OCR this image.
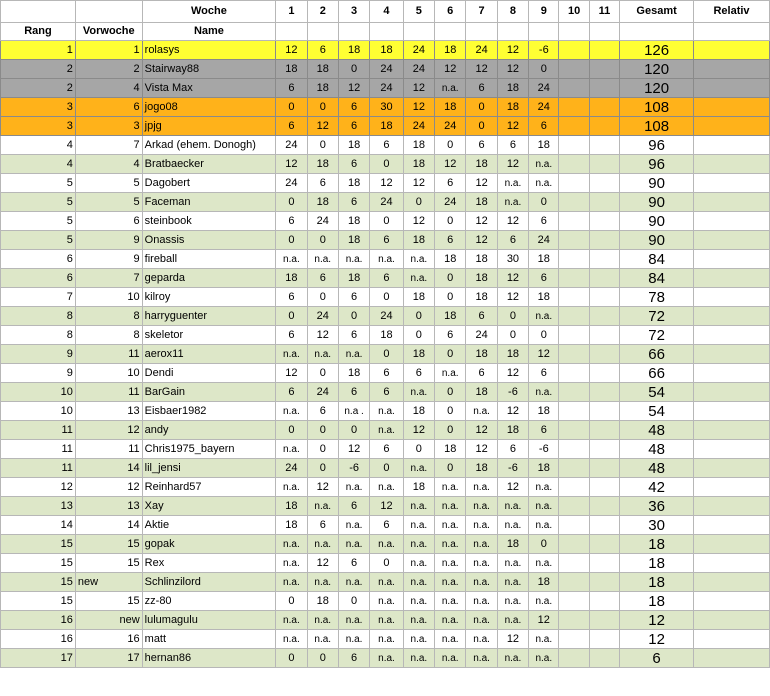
		Woche	1	2	3	4	5	6	7	8	9	10	11	Gesamt	Relativ
Rang	Vorwoche	Name													
1	1	rolasys	12	6	18	18	24	18	24	12	-6			126	
2	2	Stairway88	18	18	0	24	24	12	12	12	0			120	
2	4	Vista Max	6	18	12	24	12	n.a.	6	18	24			120	
3	6	jogo08	0	0	6	30	12	18	0	18	24			108	
3	3	jpjg	6	12	6	18	24	24	0	12	6			108	
4	7	Arkad (ehem. Donogh)	24	0	18	6	18	0	6	6	18			96	
4	4	Bratbaecker	12	18	6	0	18	12	18	12	n.a.			96	
5	5	Dagobert	24	6	18	12	12	6	12	n.a.	n.a.			90	
5	5	Faceman	0	18	6	24	0	24	18	n.a.	0			90	
5	6	steinbook	6	24	18	0	12	0	12	12	6			90	
5	9	Onassis	0	0	18	6	18	6	12	6	24			90	
6	9	fireball	n.a.	n.a.	n.a.	n.a.	n.a.	18	18	30	18			84	
6	7	geparda	18	6	18	6	n.a.	0	18	12	6			84	
7	10	kilroy	6	0	6	0	18	0	18	12	18			78	
8	8	harryguenter	0	24	0	24	0	18	6	0	n.a.			72	
8	8	skeletor	6	12	6	18	0	6	24	0	0			72	
9	11	aerox11	n.a.	n.a.	n.a.	0	18	0	18	18	12			66	
9	10	Dendi	12	0	18	6	6	n.a.	6	12	6			66	
10	11	BarGain	6	24	6	6	n.a.	0	18	-6	n.a.			54	
10	13	Eisbaer1982	n.a.	6	n.a .	n.a.	18	0	n.a.	12	18			54	
11	12	andy	0	0	0	n.a.	12	0	12	18	6			48	
11	11	Chris1975_bayern	n.a.	0	12	6	0	18	12	6	-6			48	
11	14	lil_jensi	24	0	-6	0	n.a.	0	18	-6	18			48	
12	12	Reinhard57	n.a.	12	n.a.	n.a.	18	n.a.	n.a.	12	n.a.			42	
13	13	Xay	18	n.a.	6	12	n.a.	n.a.	n.a.	n.a.	n.a.			36	
14	14	Aktie	18	6	n.a.	6	n.a.	n.a.	n.a.	n.a.	n.a.			30	
15	15	gopak	n.a.	n.a.	n.a.	n.a.	n.a.	n.a.	n.a.	18	0			18	
15	15	Rex	n.a.	12	6	0	n.a.	n.a.	n.a.	n.a.	n.a.			18	
15	new	Schlinzilord	n.a.	n.a.	n.a.	n.a.	n.a.	n.a.	n.a.	n.a.	18			18	
15	15	zz-80	0	18	0	n.a.	n.a.	n.a.	n.a.	n.a.	n.a.			18	
16	new	lulumagulu	n.a.	n.a.	n.a.	n.a.	n.a.	n.a.	n.a.	n.a.	12			12	
16	16	matt	n.a.	n.a.	n.a.	n.a.	n.a.	n.a.	n.a.	12	n.a.			12	
17	17	hernan86	0	0	6	n.a.	n.a.	n.a.	n.a.	n.a.	n.a.			6	
